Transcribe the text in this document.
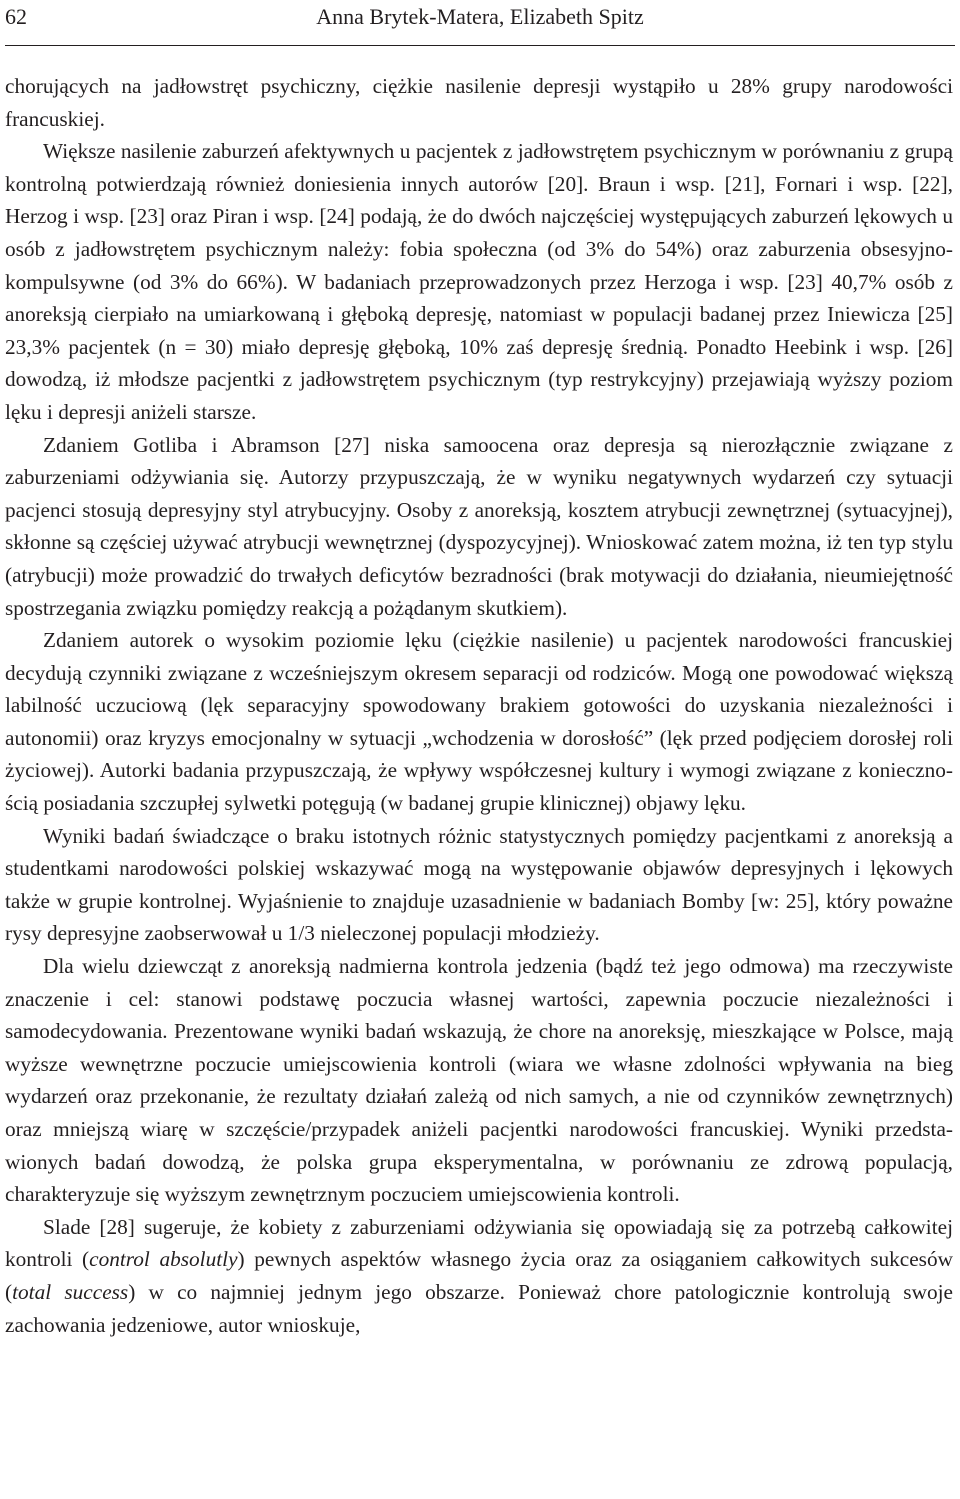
62	Anna Brytek-Matera, Elizabeth Spitz

chorujących na jadłowstręt psychiczny, ciężkie nasilenie depresji wystąpiło u 28% grupy narodowości francuskiej.

Większe nasilenie zaburzeń afektywnych u pacjentek z jadłowstrętem psychicznym w porównaniu z grupą kontrolną potwierdzają również doniesienia innych autorów [20]. Braun i wsp. [21], Fornari i wsp. [22], Herzog i wsp. [23] oraz Piran i wsp. [24] podają, że do dwóch najczęściej występujących zaburzeń lękowych u osób z jadłowstrętem psychicznym należy: fobia społeczna (od 3% do 54%) oraz zaburzenia obsesyjno-kompulsywne (od 3% do 66%). W badaniach przeprowadzonych przez Herzoga i wsp. [23] 40,7% osób z anoreksją cierpiało na umiarkowaną i głęboką depresję, natomiast w populacji badanej przez Iniewicza [25] 23,3% pacjentek (n = 30) miało depresję głęboką, 10% zaś depresję średnią. Ponadto Heebink i wsp. [26] dowodzą, iż młodsze pacjentki z jadłowstrętem psychicznym (typ restrykcyjny) przejawiają wyższy poziom lęku i depresji aniżeli starsze.

Zdaniem Gotliba i Abramson [27] niska samoocena oraz depresja są nierozłącznie związane z zaburzeniami odżywiania się. Autorzy przypuszczają, że w wyniku negatywnych wydarzeń czy sytuacji pacjenci stosują depresyjny styl atrybucyjny. Osoby z anoreksją, kosztem atrybucji zewnętrznej (sytuacyjnej), skłonne są częściej używać atrybucji wewnętrznej (dyspozycyjnej). Wnioskować zatem można, iż ten typ stylu (atrybucji) może prowadzić do trwałych deficytów bezradności (brak motywacji do działania, nieumiejętność spostrzegania związku pomiędzy reakcją a pożądanym skutkiem).

Zdaniem autorek o wysokim poziomie lęku (ciężkie nasilenie) u pacjentek narodowości francuskiej decydują czynniki związane z wcześniejszym okresem separacji od rodziców. Mogą one powodować większą labilność uczuciową (lęk separacyjny spowodowany brakiem gotowości do uzyskania niezależności i autonomii) oraz kryzys emocjonalny w sytuacji „wchodzenia w dorosłość” (lęk przed podjęciem dorosłej roli życiowej). Autorki badania przypuszczają, że wpływy współczesnej kultury i wymogi związane z koniecznością posiadania szczupłej sylwetki potęgują (w badanej grupie klinicznej) objawy lęku.

Wyniki badań świadczące o braku istotnych różnic statystycznych pomiędzy pacjentkami z anoreksją a studentkami narodowości polskiej wskazywać mogą na występowanie objawów depresyjnych i lękowych także w grupie kontrolnej. Wyjaśnienie to znajduje uzasadnienie w badaniach Bomby [w: 25], który poważne rysy depresyjne zaobserwował u 1/3 nieleczonej populacji młodzieży.

Dla wielu dziewcząt z anoreksją nadmierna kontrola jedzenia (bądź też jego odmowa) ma rzeczywiste znaczenie i cel: stanowi podstawę poczucia własnej wartości, zapewnia poczucie niezależności i samodecydowania. Prezentowane wyniki badań wskazują, że chore na anoreksję, mieszkające w Polsce, mają wyższe wewnętrzne poczucie umiejscowienia kontroli (wiara we własne zdolności wpływania na bieg wydarzeń oraz przekonanie, że rezultaty działań zależą od nich samych, a nie od czynników zewnętrznych) oraz mniejszą wiarę w szczęście/przypadek aniżeli pacjentki narodowości francuskiej. Wyniki przedstawionych badań dowodzą, że polska grupa eksperymentalna, w porównaniu ze zdrową populacją, charakteryzuje się wyższym zewnętrznym poczuciem umiejscowienia kontroli.

Slade [28] sugeruje, że kobiety z zaburzeniami odżywiania się opowiadają się za potrzebą całkowitej kontroli (control absolutly) pewnych aspektów własnego życia oraz za osiąganiem całkowitych sukcesów (total success) w co najmniej jednym jego obszarze. Ponieważ chore patologicznie kontrolują swoje zachowania jedzeniowe, autor wnioskuje,
